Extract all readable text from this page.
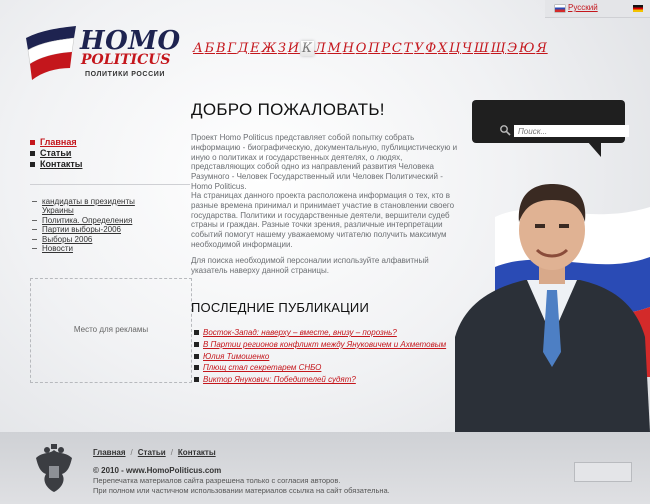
Русский
HOMO
POLITICUS
ПОЛИТИКИ РОССИИ
АБВГДЕЖЗИ К ЛМНОПРСТУФХЦЧШЩЭЮЯ
Главная
Статьи
Контакты
кандидаты в президенты
Украины
Политика. Определения
Партии выборы-2006
Выборы 2006
Новости
Место для рекламы
ДОБРО ПОЖАЛОВАТЬ!
Проект Homo Politicus представляет собой попытку собрать информацию - биографическую, документальную, публицистическую и иную о политиках и государственных деятелях, о людях, представляющих собой одно из направлений развития Человека Разумного - Человек Государственный или Человек Политический - Homo Politicus.
На страницах данного проекта расположена информация о тех, кто в разные времена принимал и принимает участие в становлении своего государства. Политики и государственные деятели, вершители судеб страны и граждан. Разные точки зрения, различные интерпретации событий помогут нашему уважаемому читателю получить максимум необходимой информации.
Для поиска необходимой персоналии используйте алфавитный указатель наверху данной страницы.
ПОСЛЕДНИЕ ПУБЛИКАЦИИ
Восток-Запад: наверху – вместе, внизу – порознь?
В Партии регионов конфликт между Януковичем и Ахметовым
Юлия Тимошенко
Плющ стал секретарем СНБО
Виктор Янукович: Победителей судят?
Поиск...
Главная / Статьи / Контакты
© 2010 - www.HomoPoliticus.com
Перепечатка материалов сайта разрешена только с согласия авторов.
При полном или частичном использовании материалов ссылка на сайт обязательна.
